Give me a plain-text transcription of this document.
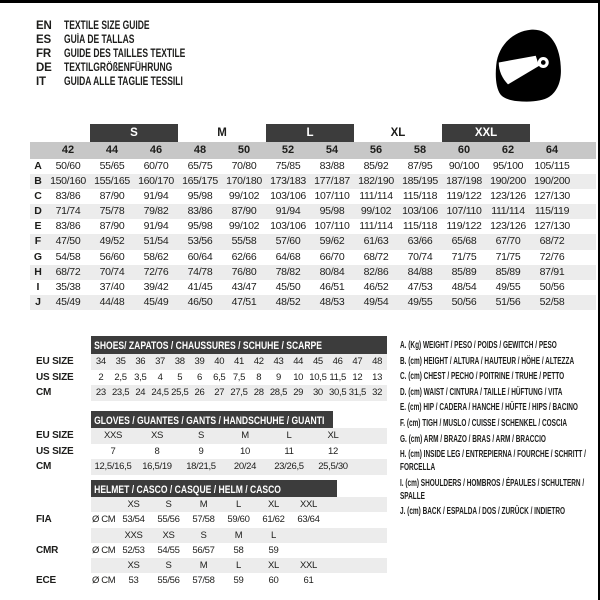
EN	TEXTILE SIZE GUIDE
ES	GUÍA DE TALLAS
FR	GUIDE DES TAILLES TEXTILE
DE	TEXTILGRÖßENFÜHRUNG
IT	GUIDA ALLE TAGLIE TESSILI
S	M	L	XL	XXL
42	44	46	48	50	52	54	56	58	60	62	64
A	50/60	55/65	60/70	65/75	70/80	75/85	83/88	85/92	87/95	90/100	95/100	105/115
B 150/160 155/165 160/170 165/175 170/180 173/183 177/187 182/190 185/195 187/198 190/200 190/200
C	83/86	87/90	91/94	95/98	99/102	103/106 107/110 111/114 115/118 119/122 123/126 127/130
D	71/74	75/78	79/82	83/86	87/90	91/94	95/98	99/102	103/106 107/110 111/114 115/119
E	83/86	87/90	91/94	95/98	99/102	103/106 107/110 111/114 115/118 119/122 123/126 127/130
F	47/50	49/52	51/54	53/56	55/58	57/60	59/62	61/63	63/66	65/68	67/70	68/72
G	54/58	56/60	58/62	60/64	62/66	64/68	66/70	68/72	70/74	71/75	71/75	72/76
H	68/72	70/74	72/76	74/78	76/80	78/82	80/84	82/86	84/88	85/89	85/89	87/91
I	35/38	37/40	39/42	41/45	43/47	45/50	46/51	46/52	47/53	48/54	49/55	50/56
J	45/49	44/48	45/49	46/50	47/51	48/52	48/53	49/54	49/55	50/56	51/56	52/58
SHOES/ ZAPATOS / CHAUSSURES / SCHUHE / SCARPE
EU SIZE	34	35	36	37	38	39	40	41	42	43	44	45	46	47	48
US SIZE	2	2,5 3,5	4	5	6	6,5 7,5	8	9	10 10,5 11,5 12	13
CM	23 23,5 24 24,5 25,5 26	27 27,5 28 28,5 29	30 30,5 31,5 32
GLOVES / GUANTES / GANTS / HANDSCHUHE / GUANTI
EU SIZE	XXS	XS	S	M	L	XL
US SIZE	7	8	9	10	11	12
CM	12,5/16,5	16,5/19	18/21,5	20/24	23/26,5	25,5/30
HELMET / CASCO / CASQUE / HELM / CASCO
XS	S	M	L	XL	XXL
FIA	Ø CM 53/54	55/56	57/58	59/60	61/62	63/64
XXS	XS	S	M	L
CMR	Ø CM 52/53	54/55	56/57	58	59
XS	S	M	L	XL	XXL
ECE	Ø CM	53	55/56	57/58	59	60	61
A. (Kg) WEIGHT / PESO / POIDS / GEWITCH / PESO
B. (cm) HEIGHT / ALTURA / HAUTEUR / HÖHE / ALTEZZA
C. (cm) CHEST / PECHO / POITRINE / TRUHE / PETTO
D. (cm) WAIST / CINTURA / TAILLE / HÜFTUNG / VITA
E. (cm) HIP / CADERA / HANCHE / HÜFTE / HIPS / BACINO
F. (cm) TIGH / MUSLO / CUISSE / SCHENKEL / COSCIA
G. (cm) ARM / BRAZO / BRAS / ARM / BRACCIO
H. (cm) INSIDE LEG / ENTREPIERNA / FOURCHE / SCHRITT / FORCELLA
I. (cm) SHOULDERS / HOMBROS / ÉPAULES / SCHULTERN / SPALLE
J. (cm) BACK / ESPALDA / DOS / ZURÜCK / INDIETRO
